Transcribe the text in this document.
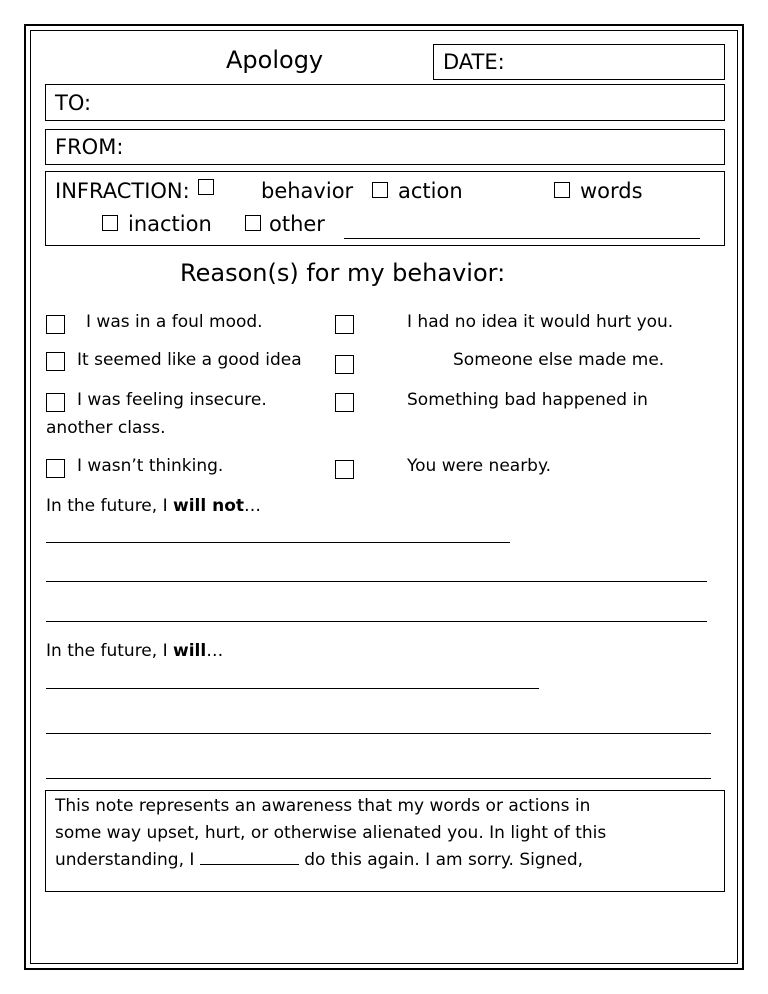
Apology	DATE:
TO:
FROM:
INFRACTION:	behavior action	words
inaction	other
Reason(s) for my behavior:
I was in a foul mood.	I had no idea it would hurt you.
It seemed like a good idea	Someone else made me.
I was feeling insecure.	Something bad happened in
another class.
I wasn’t thinking.	You were nearby.
In the future, I will not…
In the future, I will…
This note represents an awareness that my words or actions in
some way upset, hurt, or otherwise alienated you. In light of this
understanding, I	do this again. I am sorry. Signed,
